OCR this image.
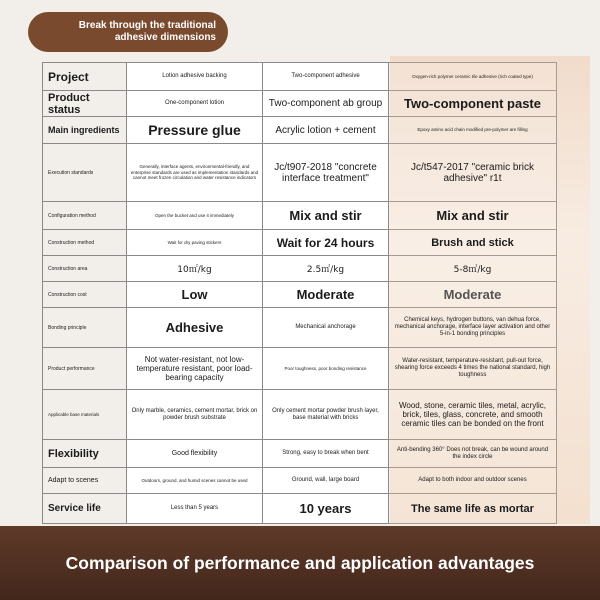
Break through the traditional
adhesive dimensions
Project	Lotion adhesive backing	Two-component adhesive	Oxygen-rich polymer ceramic tile adhesive (rich coated type)
Product status	One-component lotion	Two-component ab group	Two-component paste
Main ingredients	Pressure glue	Acrylic lotion + cement	Epoxy amino acid chain modified pre-polymer are filling
Execution standards	Generally, interface agents, environmental-friendly, and enterprise standards are used as implementation standards and cannot meet frozen circulation and water resistance indicators	Jc/t907-2018 "concrete interface treatment"	Jc/t547-2017 "ceramic brick adhesive" r1t
Configuration method	Open the bucket and use it immediately	Mix and stir	Mix and stir
Construction method	Wait for dry paving stickers	Wait for 24 hours	Brush and stick
Construction area	10㎡/kg	2.5㎡/kg	5-8㎡/kg
Construction cost	Low	Moderate	Moderate
Bonding principle	Adhesive	Mechanical anchorage	Chemical keys, hydrogen buttons, van dehua force, mechanical anchorage, interface layer activation and other 5-in-1 bonding principles
Product performance	Not water-resistant, not low-temperature resistant, poor load-bearing capacity	Poor toughness, poor bonding resistance	Water-resistant, temperature-resistant, pull-out force, shearing force exceeds 4 times the national standard, high toughness
Applicable base materials	Only marble, ceramics, cement mortar, brick on powder brush substrate	Only cement mortar powder brush layer, base material with bricks	Wood, stone, ceramic tiles, metal, acrylic, brick, tiles, glass, concrete, and smooth ceramic tiles can be bonded on the front
Flexibility	Good flexibility	Strong, easy to break when bent	Anti-bending 360° Does not break, can be wound around the index circle
Adapt to scenes	Outdoors, ground, and humid scenes cannot be used	Ground, wall, large board	Adapt to both indoor and outdoor scenes
Service life	Less than 5 years	10 years	The same life as mortar
Comparison of performance and application advantages
